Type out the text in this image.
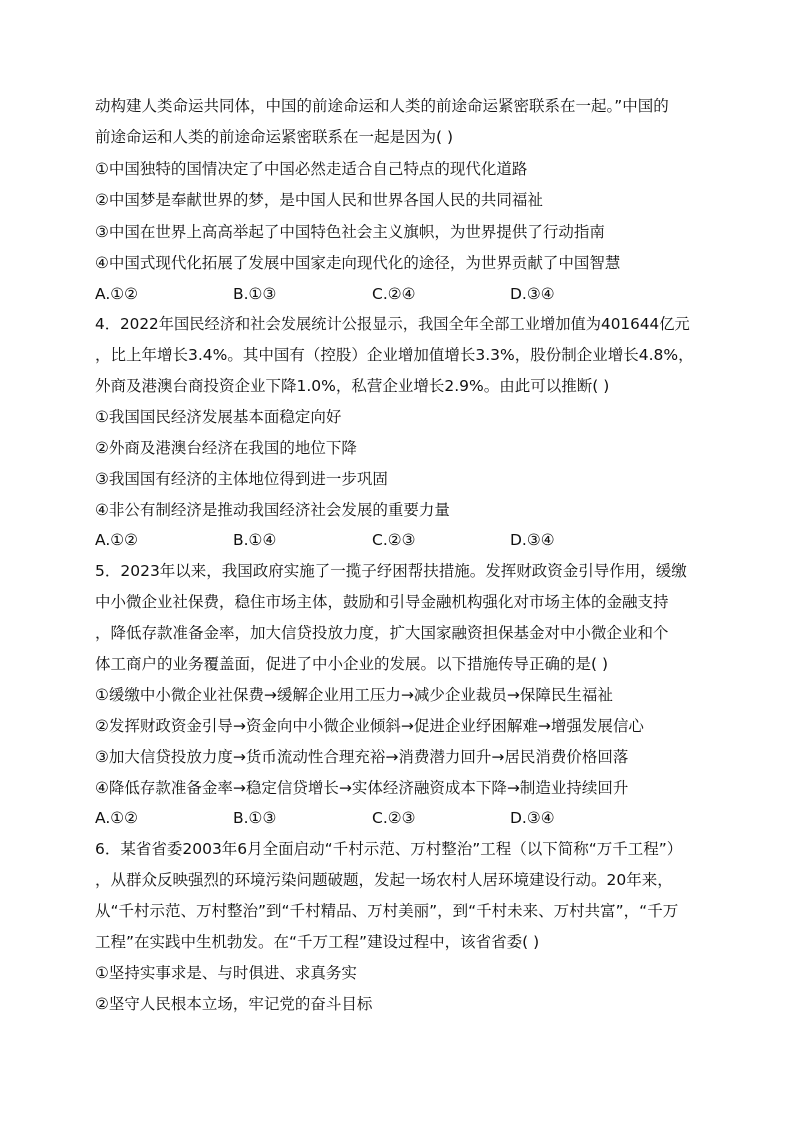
动构建人类命运共同体，中国的前途命运和人类的前途命运紧密联系在一起。”中国的
前途命运和人类的前途命运紧密联系在一起是因为( )
①中国独特的国情决定了中国必然走适合自己特点的现代化道路
②中国梦是奉献世界的梦，是中国人民和世界各国人民的共同福祉
③中国在世界上高高举起了中国特色社会主义旗帜，为世界提供了行动指南
④中国式现代化拓展了发展中国家走向现代化的途径，为世界贡献了中国智慧
A.①②	B.①③	C.②④	D.③④
4．2022年国民经济和社会发展统计公报显示，我国全年全部工业增加值为401644亿元
，比上年增长3.4%。其中国有（控股）企业增加值增长3.3%，股份制企业增长4.8%，
外商及港澳台商投资企业下降1.0%，私营企业增长2.9%。由此可以推断( )
①我国国民经济发展基本面稳定向好
②外商及港澳台经济在我国的地位下降
③我国国有经济的主体地位得到进一步巩固
④非公有制经济是推动我国经济社会发展的重要力量
A.①②	B.①④	C.②③	D.③④
5．2023年以来，我国政府实施了一揽子纾困帮扶措施。发挥财政资金引导作用，缓缴
中小微企业社保费，稳住市场主体，鼓励和引导金融机构强化对市场主体的金融支持
，降低存款准备金率，加大信贷投放力度，扩大国家融资担保基金对中小微企业和个
体工商户的业务覆盖面，促进了中小企业的发展。以下措施传导正确的是( )
①缓缴中小微企业社保费→缓解企业用工压力→减少企业裁员→保障民生福祉
②发挥财政资金引导→资金向中小微企业倾斜→促进企业纾困解难→增强发展信心
③加大信贷投放力度→货币流动性合理充裕→消费潜力回升→居民消费价格回落
④降低存款准备金率→稳定信贷增长→实体经济融资成本下降→制造业持续回升
A.①②	B.①③	C.②③	D.③④
6．某省省委2003年6月全面启动“千村示范、万村整治”工程（以下简称“万千工程”）
，从群众反映强烈的环境污染问题破题，发起一场农村人居环境建设行动。20年来，
从“千村示范、万村整治”到“千村精品、万村美丽”，到“千村未来、万村共富”，“千万
工程”在实践中生机勃发。在“千万工程”建设过程中，该省省委( )
①坚持实事求是、与时俱进、求真务实
②坚守人民根本立场，牢记党的奋斗目标
